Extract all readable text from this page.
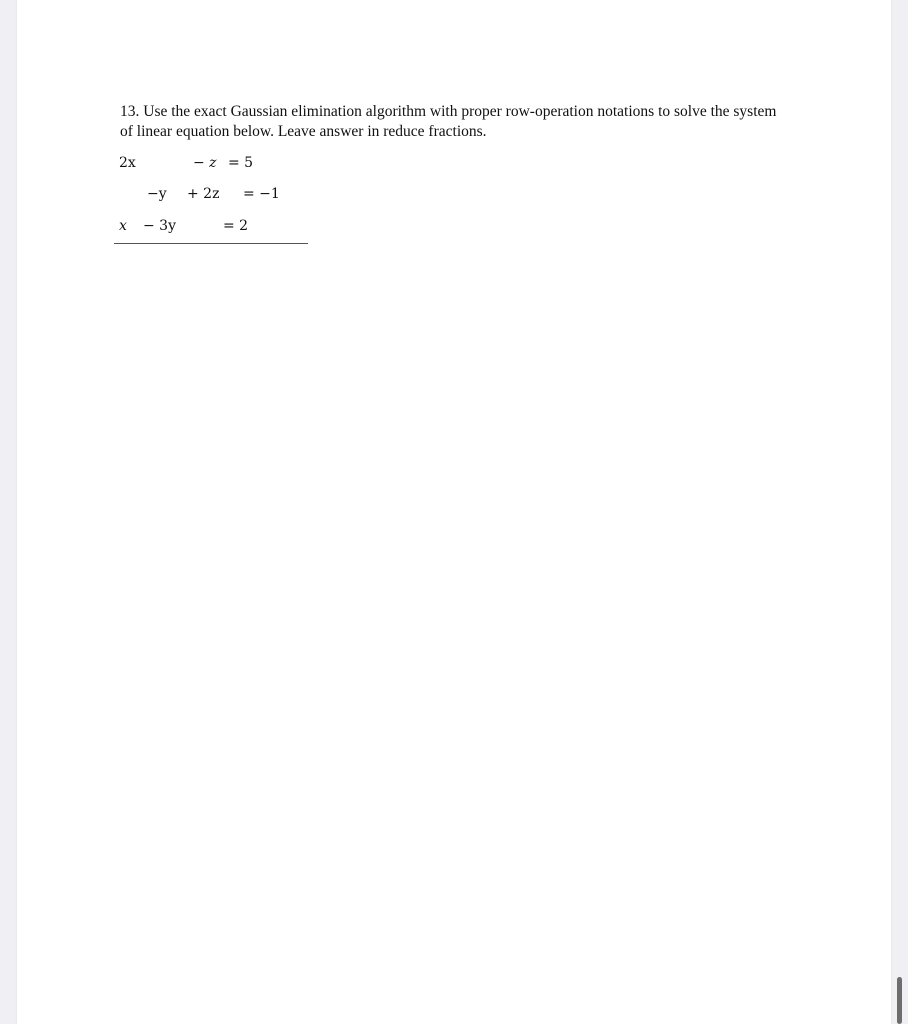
13. Use the exact Gaussian elimination algorithm with proper row-operation notations to solve the system
of linear equation below. Leave answer in reduce fractions.
2x	− z = 5
−y + 2z = −1
x − 3y	= 2
